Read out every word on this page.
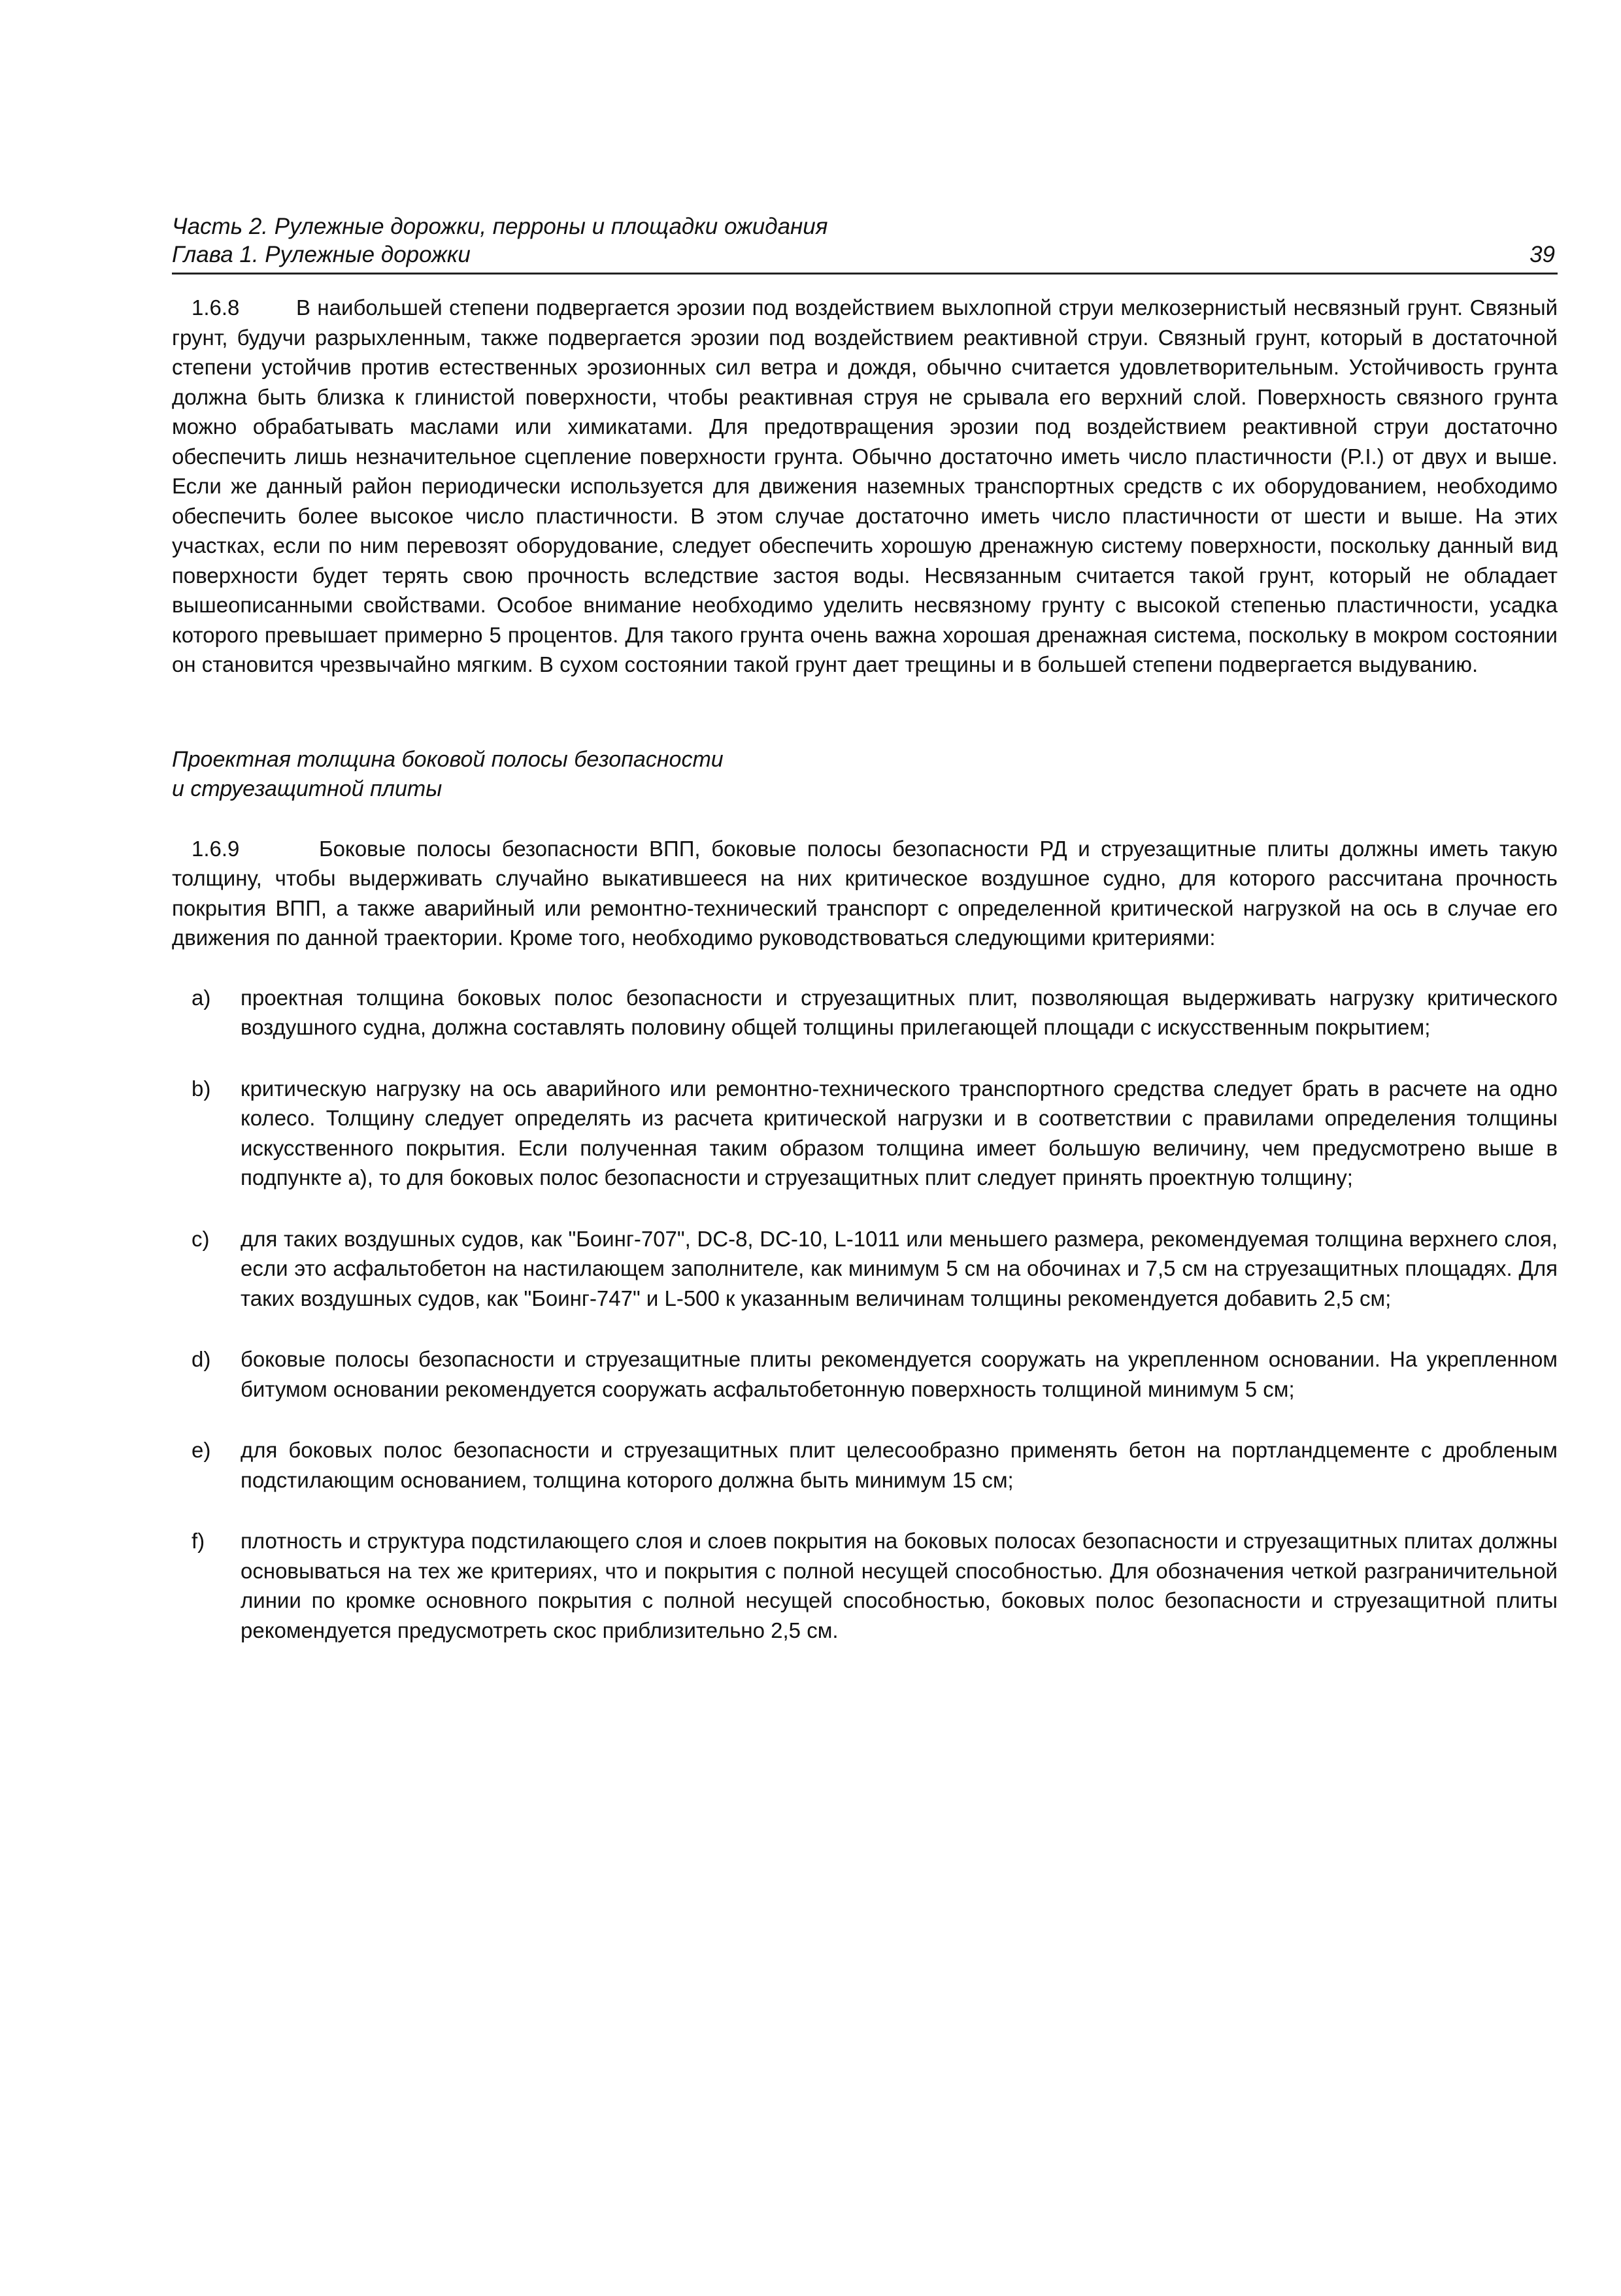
Часть 2. Рулежные дорожки, перроны и площадки ожидания
Глава 1. Рулежные дорожки	39

1.6.8	В наибольшей степени подвергается эрозии под воздействием выхлопной струи мелкозернистый несвязный грунт. Связный грунт, будучи разрыхленным, также подвергается эрозии под воздействием реактивной струи. Связный грунт, который в достаточной степени устойчив против естественных эрозионных сил ветра и дождя, обычно считается удовлетворительным. Устойчивость грунта должна быть близка к глинистой поверхности, чтобы реактивная струя не срывала его верхний слой. Поверхность связного грунта можно обрабатывать маслами или химикатами. Для предотвращения эрозии под воздействием реактивной струи достаточно обеспечить лишь незначительное сцепление поверхности грунта. Обычно достаточно иметь число пластичности (P.I.) от двух и выше. Если же данный район периодически используется для движения наземных транспортных средств с их оборудованием, необходимо обеспечить более высокое число пластичности. В этом случае достаточно иметь число пластичности от шести и выше. На этих участках, если по ним перевозят оборудование, следует обеспечить хорошую дренажную систему поверхности, поскольку данный вид поверхности будет терять свою прочность вследствие застоя воды. Несвязанным считается такой грунт, который не обладает вышеописанными свойствами. Особое внимание необходимо уделить несвязному грунту с высокой степенью пластичности, усадка которого превышает примерно 5 процентов. Для такого грунта очень важна хорошая дренажная система, поскольку в мокром состоянии он становится чрезвычайно мягким. В сухом состоянии такой грунт дает трещины и в большей степени подвергается выдуванию.

Проектная толщина боковой полосы безопасности
и струезащитной плиты

1.6.9	Боковые полосы безопасности ВПП, боковые полосы безопасности РД и струезащитные плиты должны иметь такую толщину, чтобы выдерживать случайно выкатившееся на них критическое воздушное судно, для которого рассчитана прочность покрытия ВПП, а также аварийный или ремонтно-технический транспорт с определенной критической нагрузкой на ось в случае его движения по данной траектории. Кроме того, необходимо руководствоваться следующими критериями:

a) проектная толщина боковых полос безопасности и струезащитных плит, позволяющая выдерживать нагрузку критического воздушного судна, должна составлять половину общей толщины прилегающей площади с искусственным покрытием;
b) критическую нагрузку на ось аварийного или ремонтно-технического транспортного средства следует брать в расчете на одно колесо. Толщину следует определять из расчета критической нагрузки и в соответствии с правилами определения толщины искусственного покрытия. Если полученная таким образом толщина имеет большую величину, чем предусмотрено выше в подпункте а), то для боковых полос безопасности и струезащитных плит следует принять проектную толщину;
c) для таких воздушных судов, как "Боинг-707", DC-8, DC-10, L-1011 или меньшего размера, рекомендуемая толщина верхнего слоя, если это асфальтобетон на настилающем заполнителе, как минимум 5 см на обочинах и 7,5 см на струезащитных площадях. Для таких воздушных судов, как "Боинг-747" и L-500 к указанным величинам толщины рекомендуется добавить 2,5 см;
d) боковые полосы безопасности и струезащитные плиты рекомендуется сооружать на укрепленном основании. На укрепленном битумом основании рекомендуется сооружать асфальтобетонную поверхность толщиной минимум 5 см;
e) для боковых полос безопасности и струезащитных плит целесообразно применять бетон на портландцементе с дробленым подстилающим основанием, толщина которого должна быть минимум 15 см;
f) плотность и структура подстилающего слоя и слоев покрытия на боковых полосах безопасности и струезащитных плитах должны основываться на тех же критериях, что и покрытия с полной несущей способностью. Для обозначения четкой разграничительной линии по кромке основного покрытия с полной несущей способностью, боковых полос безопасности и струезащитной плиты рекомендуется предусмотреть скос приблизительно 2,5 см.
